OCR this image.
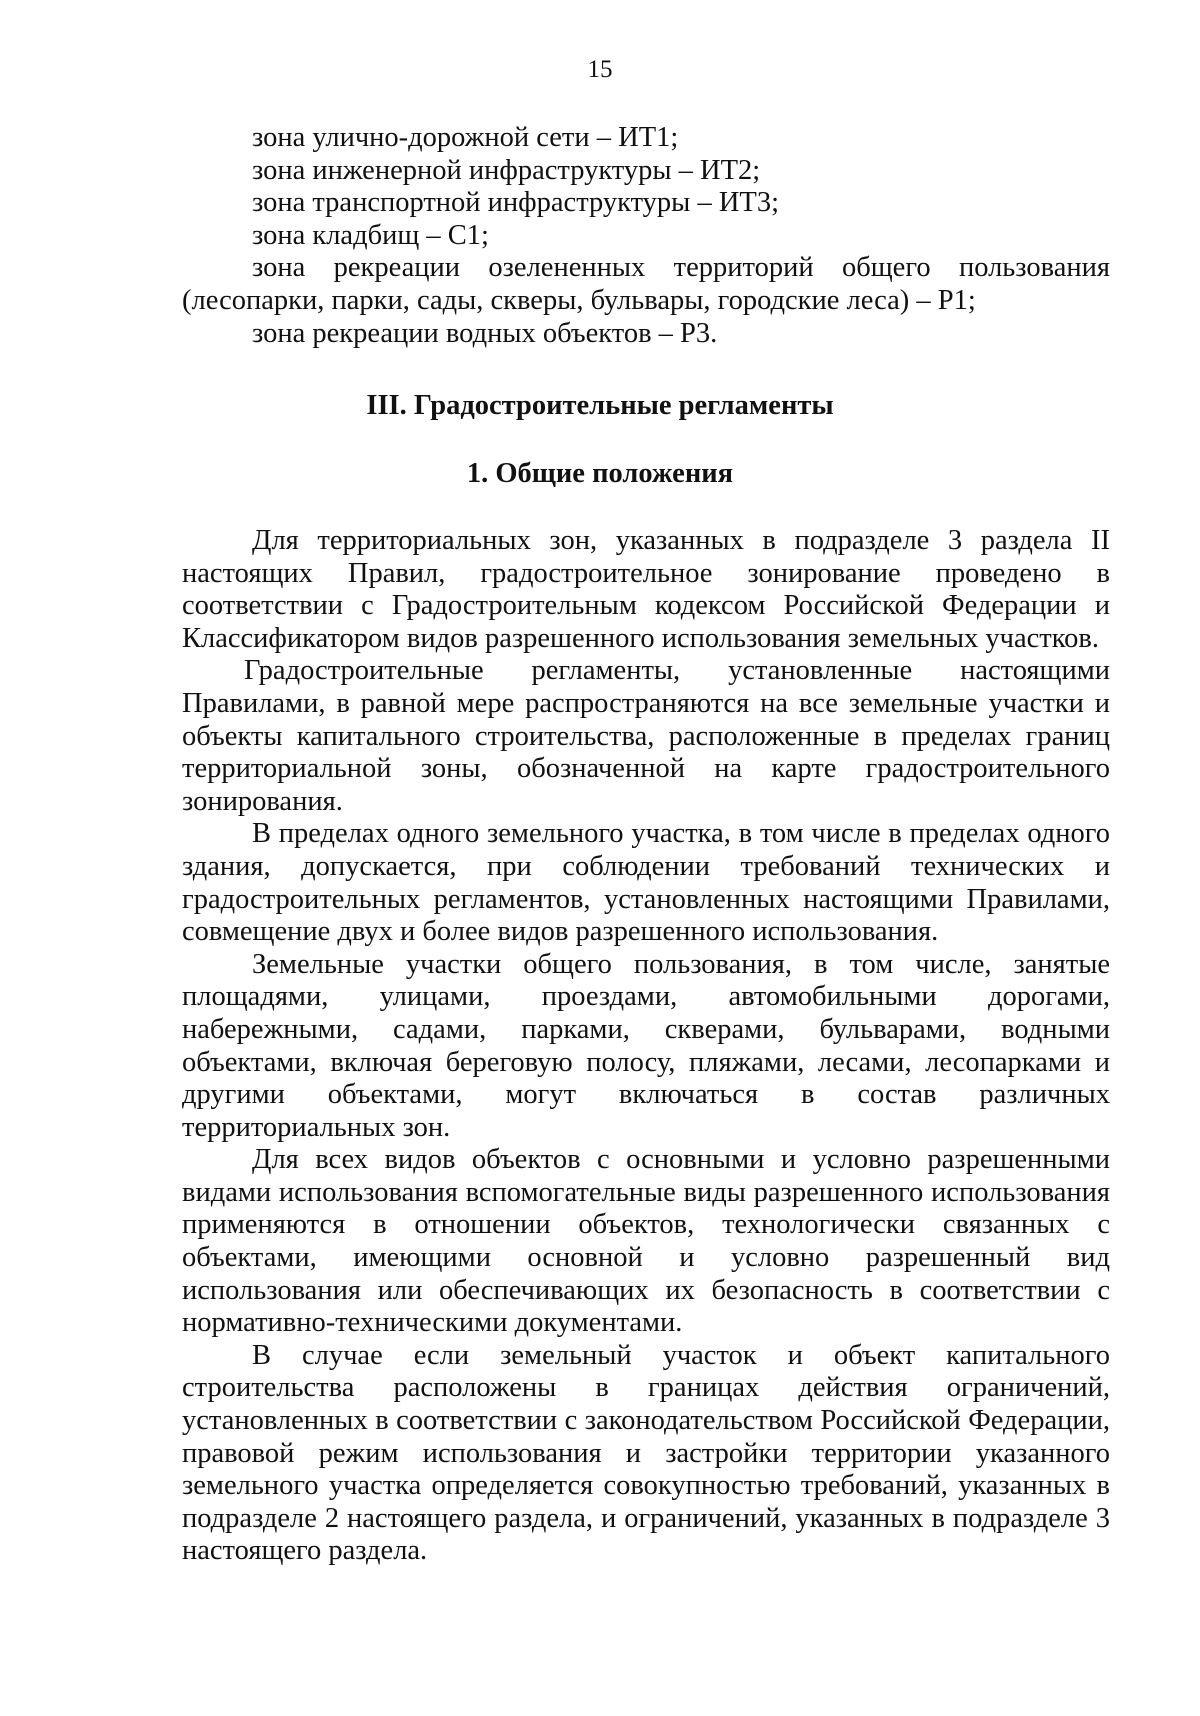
15
зона улично-дорожной сети – ИТ1;
зона инженерной инфраструктуры – ИТ2;
зона транспортной инфраструктуры – ИТ3;
зона кладбищ – С1;
зона рекреации озелененных территорий общего пользования
(лесопарки, парки, сады, скверы, бульвары, городские леса) – Р1;
зона рекреации водных объектов – Р3.
III. Градостроительные регламенты
1. Общие положения

Для территориальных зон, указанных в подразделе 3 раздела II настоящих Правил, градостроительное зонирование проведено в соответствии с Градостроительным кодексом Российской Федерации и Классификатором видов разрешенного использования земельных участков.

Градостроительные регламенты, установленные настоящими Правилами, в равной мере распространяются на все земельные участки и объекты капитального строительства, расположенные в пределах границ территориальной зоны, обозначенной на карте градостроительного зонирования.

В пределах одного земельного участка, в том числе в пределах одного здания, допускается, при соблюдении требований технических и градостроительных регламентов, установленных настоящими Правилами, совмещение двух и более видов разрешенного использования.

Земельные участки общего пользования, в том числе, занятые площадями, улицами, проездами, автомобильными дорогами, набережными, садами, парками, скверами, бульварами, водными объектами, включая береговую полосу, пляжами, лесами, лесопарками и другими объектами, могут включаться в состав различных территориальных зон.

Для всех видов объектов с основными и условно разрешенными видами использования вспомогательные виды разрешенного использования применяются в отношении объектов, технологически связанных с объектами, имеющими основной и условно разрешенный вид использования или обеспечивающих их безопасность в соответствии с нормативно-техническими документами.

В случае если земельный участок и объект капитального строительства расположены в границах действия ограничений, установленных в соответствии с законодательством Российской Федерации, правовой режим использования и застройки территории указанного земельного участка определяется совокупностью требований, указанных в подразделе 2 настоящего раздела, и ограничений, указанных в подразделе 3 настоящего раздела.
